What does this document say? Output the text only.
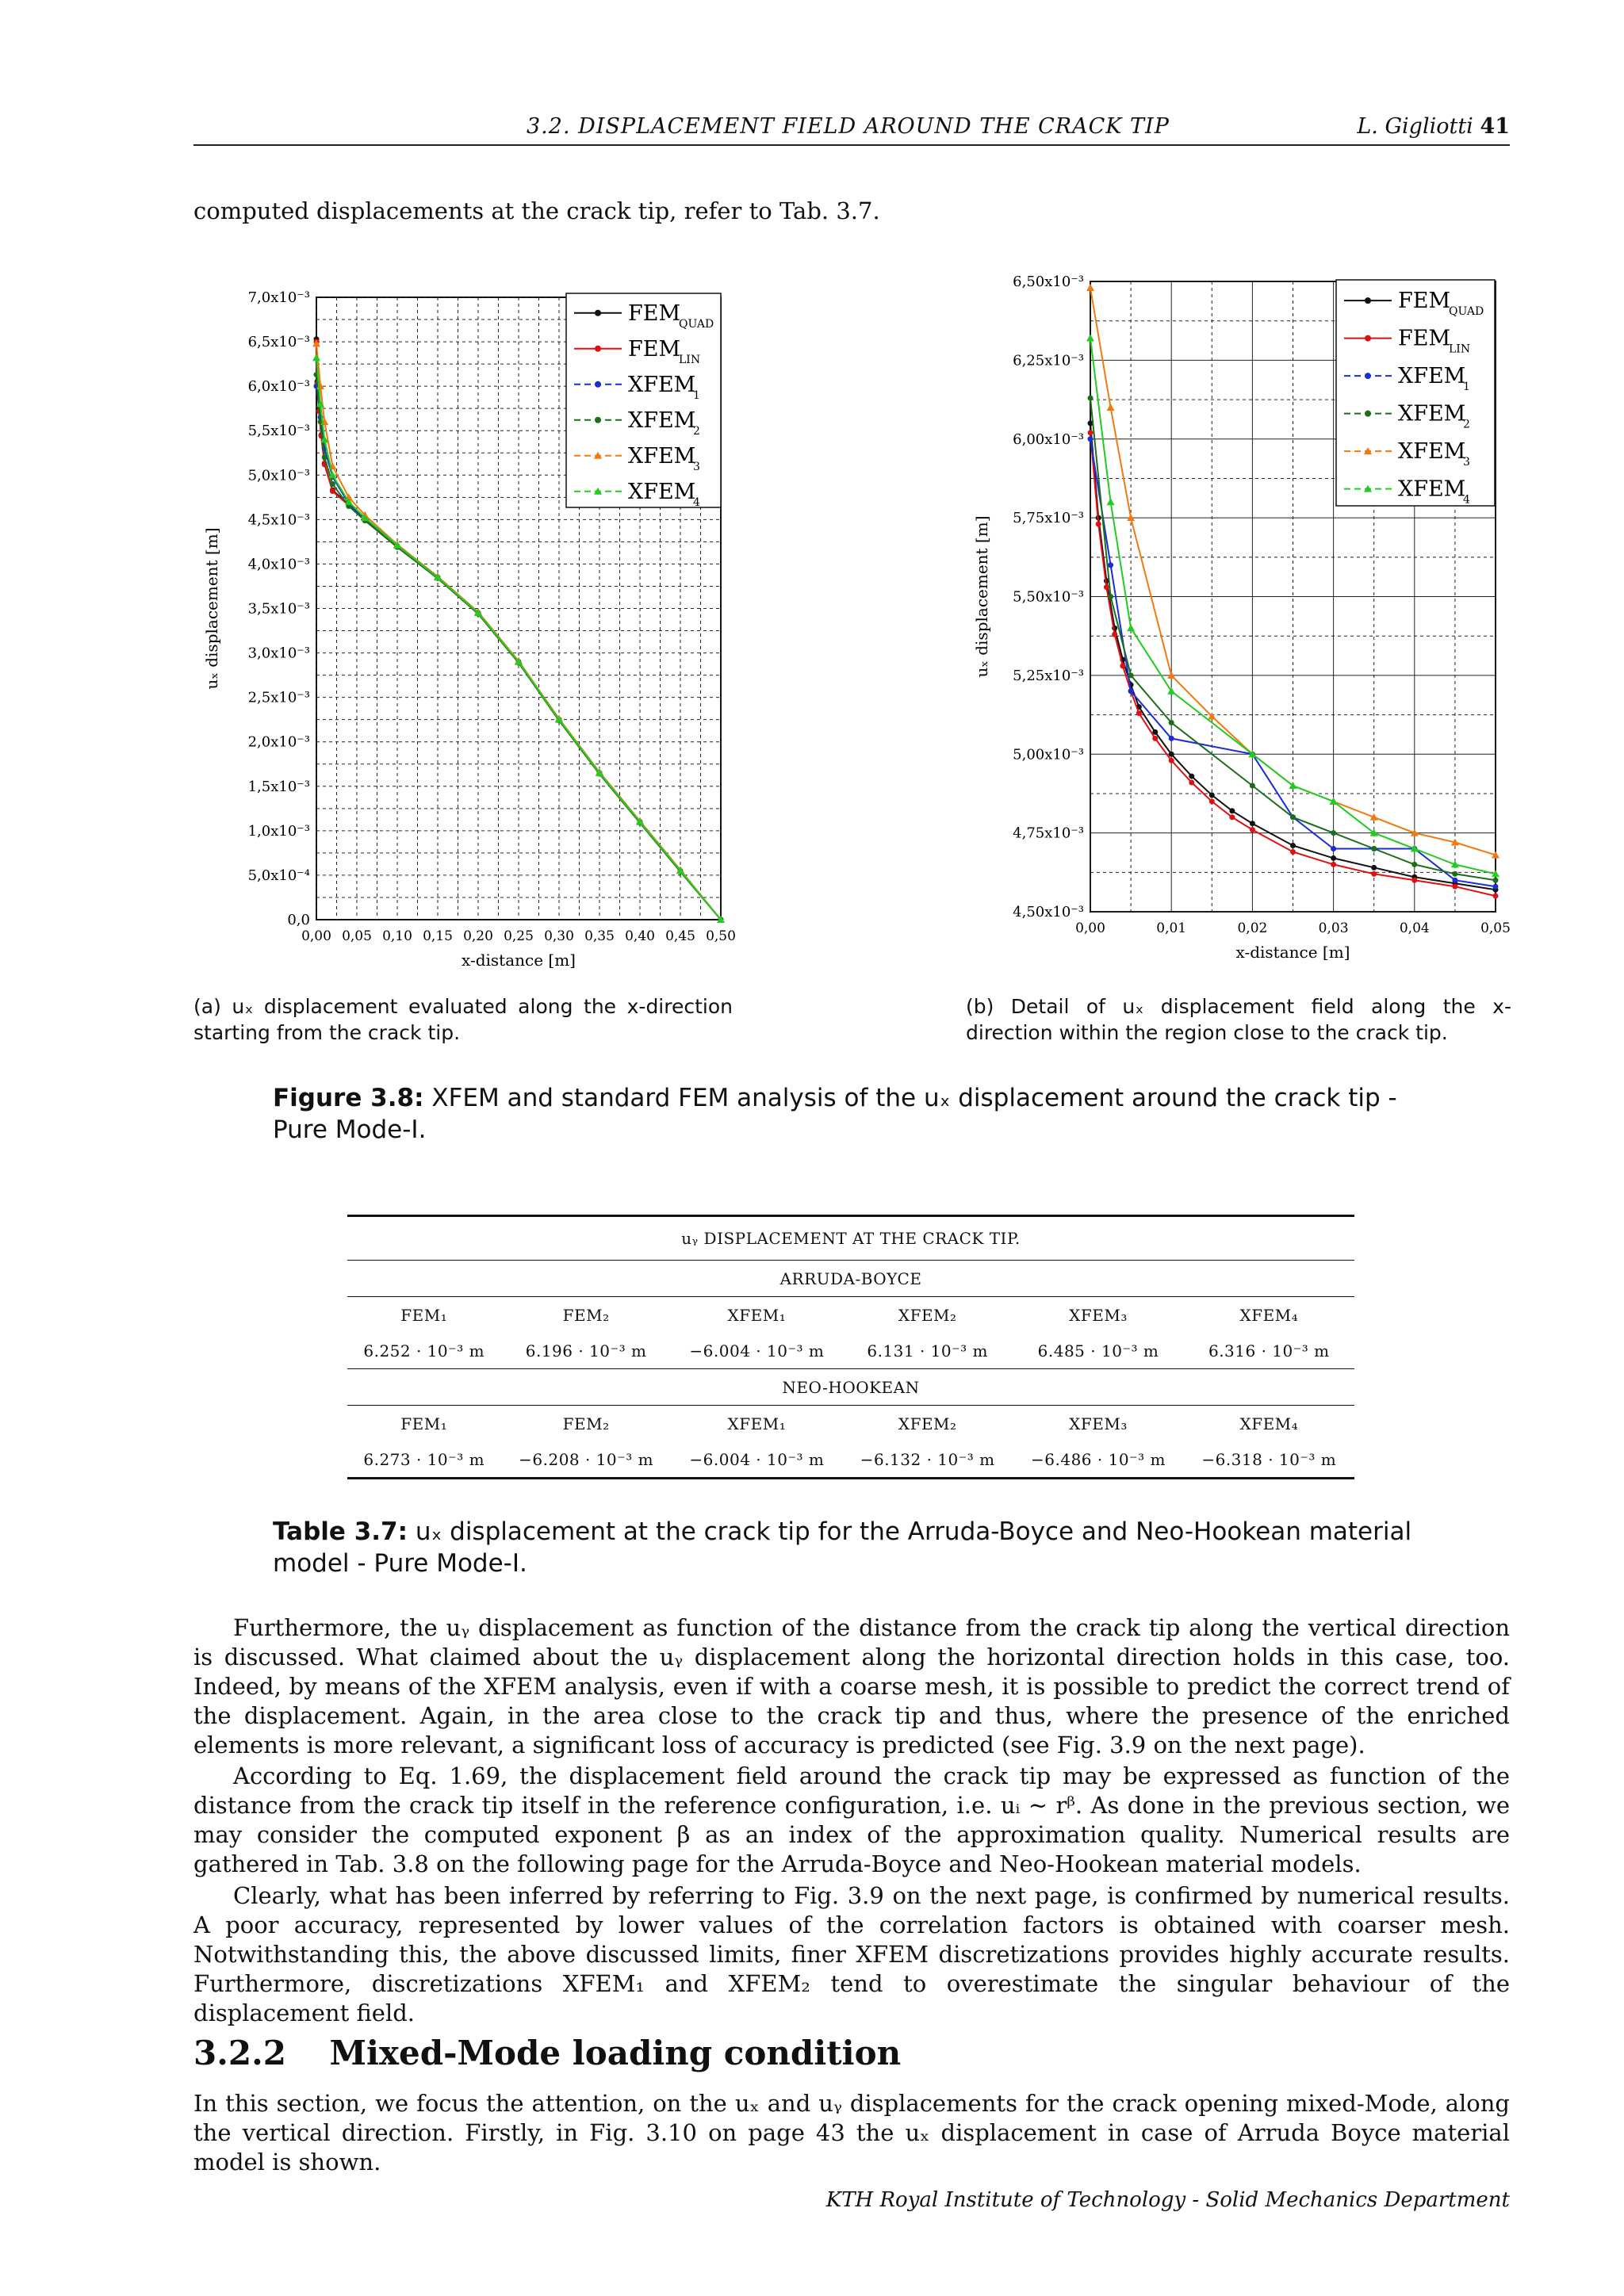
3.2. DISPLACEMENT FIELD AROUND THE CRACK TIP	L. Gigliotti 41
computed displacements at the crack tip, refer to Tab. 3.7.
0,00 0,05 0,10 0,15 0,20 0,25 0,30 0,35 0,40 0,45 0,50
0,0
5,0x10⁻⁴
1,0x10⁻³
1,5x10⁻³
2,0x10⁻³
2,5x10⁻³
3,0x10⁻³
3,5x10⁻³
4,0x10⁻³
4,5x10⁻³
5,0x10⁻³
5,5x10⁻³
6,0x10⁻³
6,5x10⁻³
7,0x10⁻³
x-distance [m]
uₓ displacement [m]
FEM
QUAD
FEM
LIN
XFEM
1
XFEM
2
XFEM
3
XFEM
4
0,00	0,01	0,02	0,03	0,04	0,05
4,50x10⁻³
4,75x10⁻³
5,00x10⁻³
5,25x10⁻³
5,50x10⁻³
5,75x10⁻³
6,00x10⁻³
6,25x10⁻³
6,50x10⁻³
x-distance [m]
uₓ displacement [m]
FEM
QUAD
FEM
LIN
XFEM
1
XFEM
2
XFEM
3
XFEM
4
(a) uₓ displacement evaluated along the x-direction starting from the crack tip.
(b) Detail of uₓ displacement field along the x-direction within the region close to the crack tip.
Figure 3.8: XFEM and standard FEM analysis of the uₓ displacement around the crack tip - Pure Mode-I.
uᵧ DISPLACEMENT AT THE CRACK TIP.					
ARRUDA-BOYCE					
FEM₁	FEM₂	XFEM₁	XFEM₂	XFEM₃	XFEM₄
6.252 · 10⁻³ m	6.196 · 10⁻³ m	−6.004 · 10⁻³ m	6.131 · 10⁻³ m	6.485 · 10⁻³ m	6.316 · 10⁻³ m
NEO-HOOKEAN					
FEM₁	FEM₂	XFEM₁	XFEM₂	XFEM₃	XFEM₄
6.273 · 10⁻³ m	−6.208 · 10⁻³ m	−6.004 · 10⁻³ m	−6.132 · 10⁻³ m	−6.486 · 10⁻³ m	−6.318 · 10⁻³ m
Table 3.7: uₓ displacement at the crack tip for the Arruda-Boyce and Neo-Hookean material model - Pure Mode-I.
Furthermore, the uᵧ displacement as function of the distance from the crack tip along the vertical direction is discussed. What claimed about the uᵧ displacement along the horizontal direction holds in this case, too. Indeed, by means of the XFEM analysis, even if with a coarse mesh, it is possible to predict the correct trend of the displacement. Again, in the area close to the crack tip and thus, where the presence of the enriched elements is more relevant, a significant loss of accuracy is predicted (see Fig. 3.9 on the next page).
According to Eq. 1.69, the displacement field around the crack tip may be expressed as function of the distance from the crack tip itself in the reference configuration, i.e. uᵢ ∼ rᵝ. As done in the previous section, we may consider the computed exponent β as an index of the approximation quality. Numerical results are gathered in Tab. 3.8 on the following page for the Arruda-Boyce and Neo-Hookean material models.
Clearly, what has been inferred by referring to Fig. 3.9 on the next page, is confirmed by numerical results. A poor accuracy, represented by lower values of the correlation factors is obtained with coarser mesh. Notwithstanding this, the above discussed limits, finer XFEM discretizations provides highly accurate results. Furthermore, discretizations XFEM₁ and XFEM₂ tend to overestimate the singular behaviour of the displacement field.
3.2.2 Mixed-Mode loading condition
In this section, we focus the attention, on the uₓ and uᵧ displacements for the crack opening mixed-Mode, along the vertical direction. Firstly, in Fig. 3.10 on page 43 the uₓ displacement in case of Arruda Boyce material model is shown.
KTH Royal Institute of Technology - Solid Mechanics Department
